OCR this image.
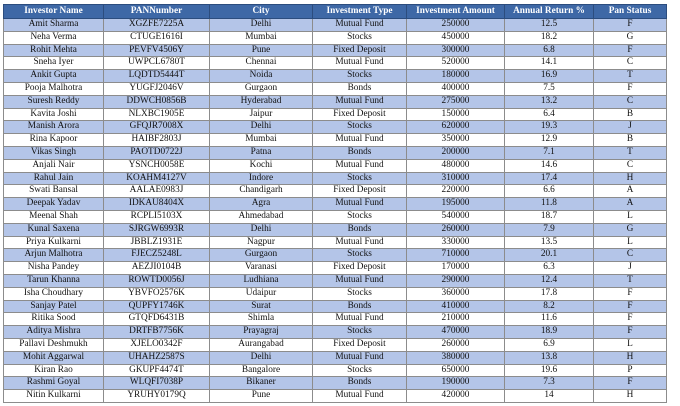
Investor Name	PANNumber	City	Investment Type	Investment Amount	Annual Return %	Pan Status
Amit Sharma	XGZFE7225A	Delhi	Mutual Fund	250000	12.5	F
Neha Verma	CTUGE1616I	Mumbai	Stocks	450000	18.2	G
Rohit Mehta	PEVFV4506Y	Pune	Fixed Deposit	300000	6.8	F
Sneha Iyer	UWPCL6780T	Chennai	Mutual Fund	520000	14.1	C
Ankit Gupta	LQDTD5444T	Noida	Stocks	180000	16.9	T
Pooja Malhotra	YUGFJ2046V	Gurgaon	Bonds	400000	7.5	F
Suresh Reddy	DDWCH0856B	Hyderabad	Mutual Fund	275000	13.2	C
Kavita Joshi	NLXBC1905E	Jaipur	Fixed Deposit	150000	6.4	B
Manish Arora	GFQJR7008X	Delhi	Stocks	620000	19.3	J
Rina Kapoor	HAIBF2803J	Mumbai	Mutual Fund	350000	12.9	B
Vikas Singh	PAOTD0722J	Patna	Bonds	200000	7.1	T
Anjali Nair	YSNCH0058E	Kochi	Mutual Fund	480000	14.6	C
Rahul Jain	KOAHM4127V	Indore	Stocks	310000	17.4	H
Swati Bansal	AALAE0983J	Chandigarh	Fixed Deposit	220000	6.6	A
Deepak Yadav	IDKAU8404X	Agra	Mutual Fund	195000	11.8	A
Meenal Shah	RCPLI5103X	Ahmedabad	Stocks	540000	18.7	L
Kunal Saxena	SJRGW6993R	Delhi	Bonds	260000	7.9	G
Priya Kulkarni	JBBLZ1931E	Nagpur	Mutual Fund	330000	13.5	L
Arjun Malhotra	FJECZ5248L	Gurgaon	Stocks	710000	20.1	C
Nisha Pandey	AEZJI0104B	Varanasi	Fixed Deposit	170000	6.3	J
Tarun Khanna	ROWTD0056J	Ludhiana	Mutual Fund	290000	12.4	T
Isha Choudhary	YBVFO2576K	Udaipur	Stocks	360000	17.8	F
Sanjay Patel	QUPFY1746K	Surat	Bonds	410000	8.2	F
Ritika Sood	GTQFD6431B	Shimla	Mutual Fund	210000	11.6	F
Aditya Mishra	DRTFB7756K	Prayagraj	Stocks	470000	18.9	F
Pallavi Deshmukh	XJELO0342F	Aurangabad	Fixed Deposit	260000	6.9	L
Mohit Aggarwal	UHAHZ2587S	Delhi	Mutual Fund	380000	13.8	H
Kiran Rao	GKUPF4474T	Bangalore	Stocks	650000	19.6	P
Rashmi Goyal	WLQFI7038P	Bikaner	Bonds	190000	7.3	F
Nitin Kulkarni	YRUHY0179Q	Pune	Mutual Fund	420000	14	H
